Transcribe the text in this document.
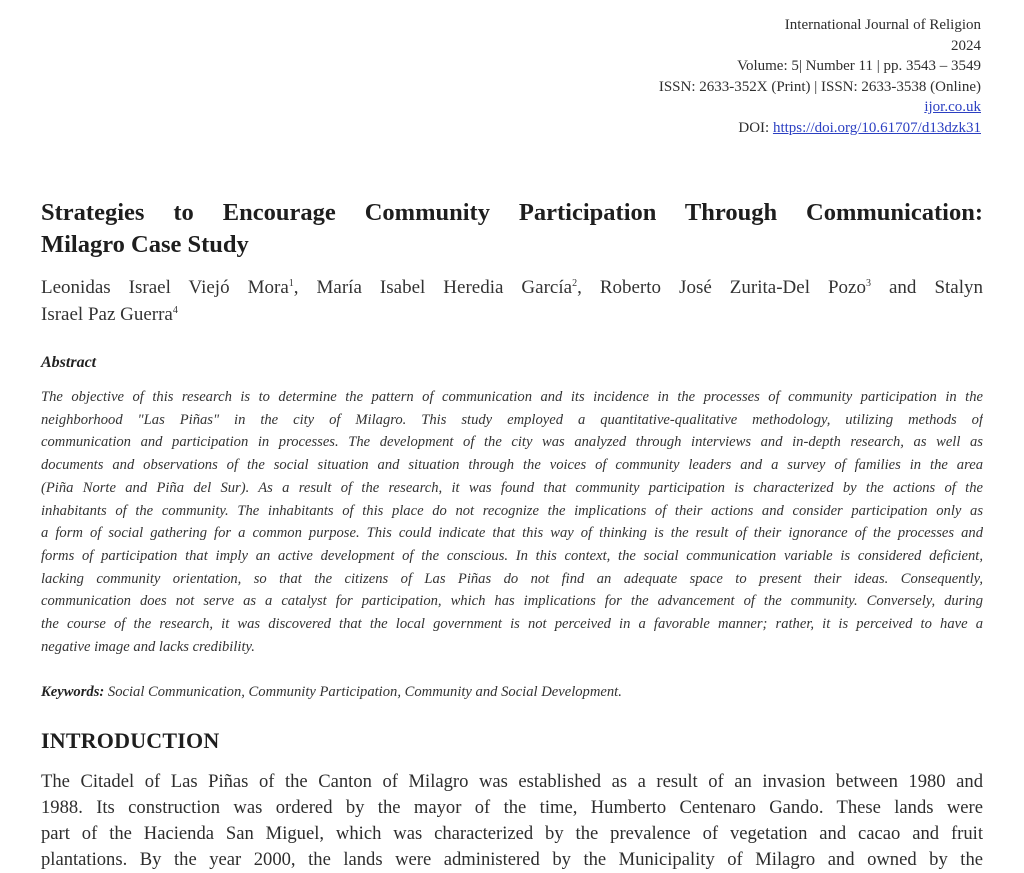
International Journal of Religion
2024
Volume: 5| Number 11 | pp. 3543 – 3549
ISSN: 2633-352X (Print) | ISSN: 2633-3538 (Online)
ijor.co.uk
DOI: https://doi.org/10.61707/d13dzk31
Strategies to Encourage Community Participation Through Communication:
Milagro Case Study
Leonidas Israel Viejó Mora$^1$, María Isabel Heredia García$^2$, Roberto José Zurita-Del Pozo$^3$ and Stalyn
Israel Paz Guerra$^4$
Abstract
The objective of this research is to determine the pattern of communication and its incidence in the processes of community participation in the
neighborhood "Las Piñas" in the city of Milagro. This study employed a quantitative-qualitative methodology, utilizing methods of
communication and participation in processes. The development of the city was analyzed through interviews and in-depth research, as well as
documents and observations of the social situation and situation through the voices of community leaders and a survey of families in the area
(Piña Norte and Piña del Sur). As a result of the research, it was found that community participation is characterized by the actions of the
inhabitants of the community. The inhabitants of this place do not recognize the implications of their actions and consider participation only as
a form of social gathering for a common purpose. This could indicate that this way of thinking is the result of their ignorance of the processes and
forms of participation that imply an active development of the conscious. In this context, the social communication variable is considered deficient,
lacking community orientation, so that the citizens of Las Piñas do not find an adequate space to present their ideas. Consequently,
communication does not serve as a catalyst for participation, which has implications for the advancement of the community. Conversely, during
the course of the research, it was discovered that the local government is not perceived in a favorable manner; rather, it is perceived to have a
negative image and lacks credibility.
Keywords: Social Communication, Community Participation, Community and Social Development.
INTRODUCTION
The Citadel of Las Piñas of the Canton of Milagro was established as a result of an invasion between 1980 and
1988. Its construction was ordered by the mayor of the time, Humberto Centenaro Gando. These lands were
part of the Hacienda San Miguel, which was characterized by the prevalence of vegetation and cacao and fruit
plantations. By the year 2000, the lands were administered by the Municipality of Milagro and owned by the
